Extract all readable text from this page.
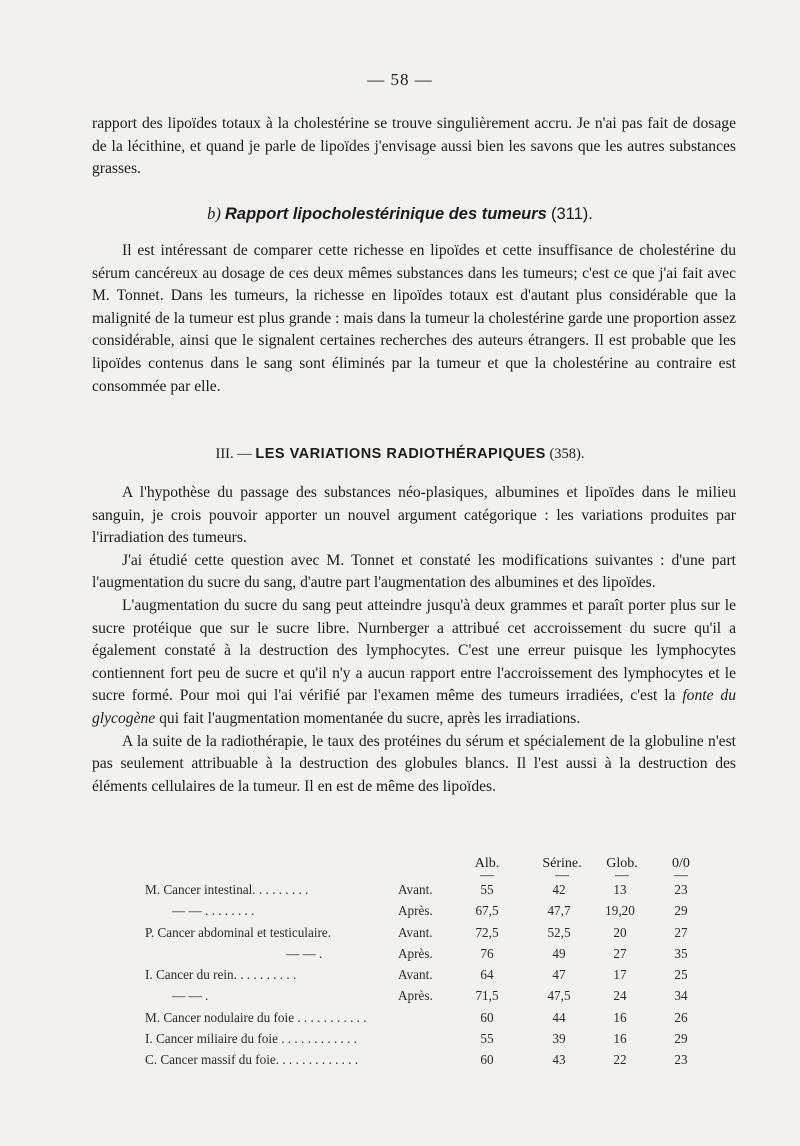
— 58 —

rapport des lipoïdes totaux à la cholestérine se trouve singulièrement accru. Je n'ai pas fait de dosage de la lécithine, et quand je parle de lipoïdes j'envisage aussi bien les savons que les autres substances grasses.

b) Rapport lipocholestérinique des tumeurs (311).

Il est intéressant de comparer cette richesse en lipoïdes et cette insuffisance de cholestérine du sérum cancéreux au dosage de ces deux mêmes substances dans les tumeurs; c'est ce que j'ai fait avec M. Tonnet. Dans les tumeurs, la richesse en lipoïdes totaux est d'autant plus considérable que la malignité de la tumeur est plus grande : mais dans la tumeur la cholestérine garde une proportion assez considérable, ainsi que le signalent certaines recherches des auteurs étrangers. Il est probable que les lipoïdes contenus dans le sang sont éliminés par la tumeur et que la cholestérine au contraire est consommée par elle.

III. — LES VARIATIONS RADIOTHÉRAPIQUES (358).

A l'hypothèse du passage des substances néo-plasiques, albumines et lipoïdes dans le milieu sanguin, je crois pouvoir apporter un nouvel argument catégorique : les variations produites par l'irradiation des tumeurs.

J'ai étudié cette question avec M. Tonnet et constaté les modifications suivantes : d'une part l'augmentation du sucre du sang, d'autre part l'augmentation des albumines et des lipoïdes.

L'augmentation du sucre du sang peut atteindre jusqu'à deux grammes et paraît porter plus sur le sucre protéique que sur le sucre libre. Nurnberger a attribué cet accroissement du sucre qu'il a également constaté à la destruction des lymphocytes. C'est une erreur puisque les lymphocytes contiennent fort peu de sucre et qu'il n'y a aucun rapport entre l'accroissement des lymphocytes et le sucre formé. Pour moi qui l'ai vérifié par l'examen même des tumeurs irradiées, c'est la fonte du glycogène qui fait l'augmentation momentanée du sucre, après les irradiations.

A la suite de la radiothérapie, le taux des protéines du sérum et spécialement de la globuline n'est pas seulement attribuable à la destruction des globules blancs. Il l'est aussi à la destruction des éléments cellulaires de la tumeur. Il en est de même des lipoïdes.

Alb.	Sérine.	Glob.	0/0
—	—	—	—
M. Cancer intestinal. . . . . . . . .	Avant.	55	42	13	23
— — . . . . . . . .	Après.	67,5	47,7	19,20	29
P. Cancer abdominal et testiculaire.	Avant.	72,5	52,5	20	27
— — .	Après.	76	49	27	35
I. Cancer du rein. . . . . . . . . .	Avant.	64	47	17	25
— — .	Après.	71,5	47,5	24	34
M. Cancer nodulaire du foie . . . . . . . . . . .	60	44	16	26
I. Cancer miliaire du foie . . . . . . . . . . . .	55	39	16	29
C. Cancer massif du foie. . . . . . . . . . . . .	60	43	22	23
